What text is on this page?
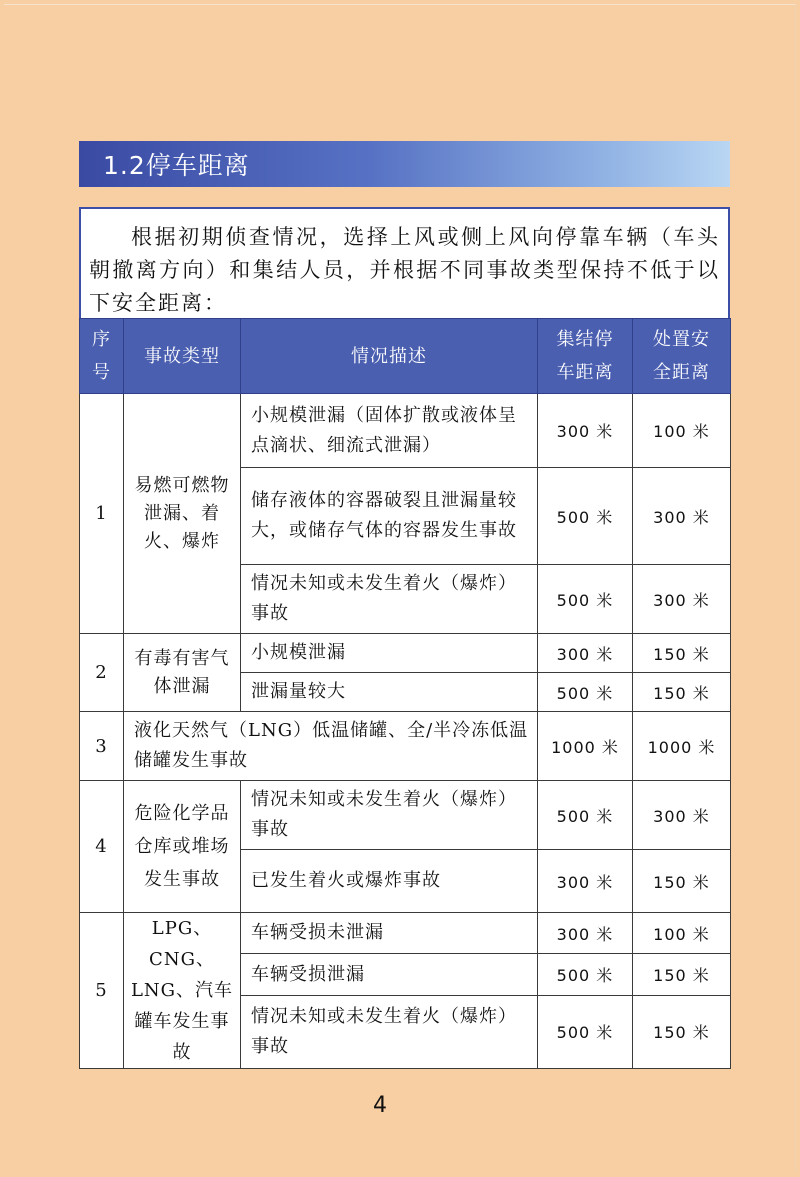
1.2停车距离
根据初期侦查情况，选择上风或侧上风向停靠车辆（车头朝撤离方向）和集结人员，并根据不同事故类型保持不低于以下安全距离：
序号	事故类型	情况描述	集结停车距离	处置安全距离
1	易燃可燃物泄漏、着火、爆炸	小规模泄漏（固体扩散或液体呈点滴状、细流式泄漏）	300 米	100 米
		储存液体的容器破裂且泄漏量较大，或储存气体的容器发生事故	500 米	300 米
		情况未知或未发生着火（爆炸）事故	500 米	300 米
2	有毒有害气体泄漏	小规模泄漏	300 米	150 米
		泄漏量较大	500 米	150 米
3	液化天然气（LNG）低温储罐、全/半冷冻低温储罐发生事故		1000 米	1000 米
4	危险化学品仓库或堆场发生事故	情况未知或未发生着火（爆炸）事故	500 米	300 米
		已发生着火或爆炸事故	300 米	150 米
5	LPG、CNG、LNG、汽车罐车发生事故	车辆受损未泄漏	300 米	100 米
		车辆受损泄漏	500 米	150 米
		情况未知或未发生着火（爆炸）事故	500 米	150 米
4
